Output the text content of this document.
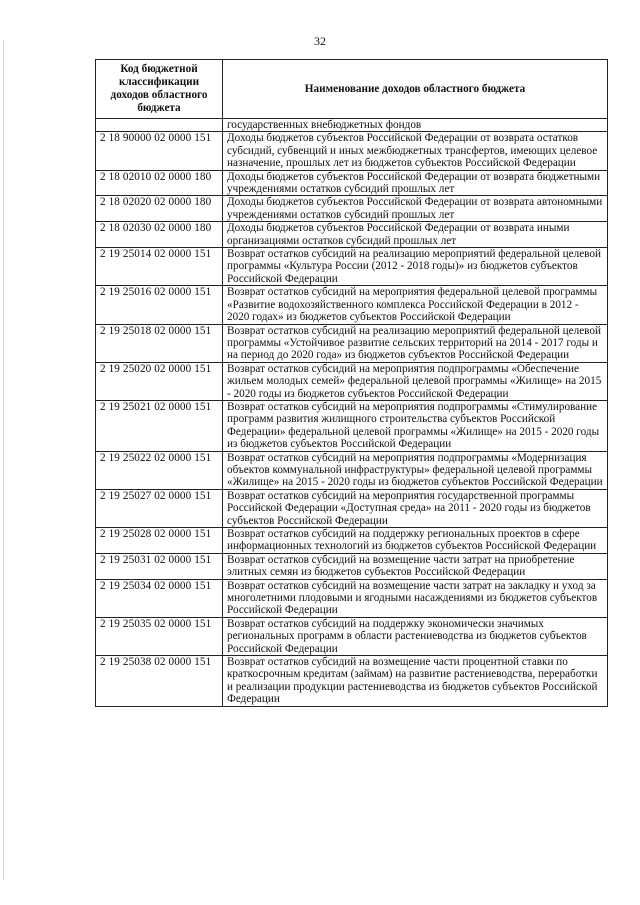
32
Код бюджетной классификации доходов областного бюджета	Наименование доходов областного бюджета
	государственных внебюджетных фондов
2 18 90000 02 0000 151	Доходы бюджетов субъектов Российской Федерации от возврата остатков субсидий, субвенций и иных межбюджетных трансфертов, имеющих целевое назначение, прошлых лет из бюджетов субъектов Российской Федерации
2 18 02010 02 0000 180	Доходы бюджетов субъектов Российской Федерации от возврата бюджетными учреждениями остатков субсидий прошлых лет
2 18 02020 02 0000 180	Доходы бюджетов субъектов Российской Федерации от возврата автономными учреждениями остатков субсидий прошлых лет
2 18 02030 02 0000 180	Доходы бюджетов субъектов Российской Федерации от возврата иными организациями остатков субсидий прошлых лет
2 19 25014 02 0000 151	Возврат остатков субсидий на реализацию мероприятий федеральной целевой программы «Культура России (2012 - 2018 годы)» из бюджетов субъектов Российской Федерации
2 19 25016 02 0000 151	Возврат остатков субсидий на мероприятия федеральной целевой программы «Развитие водохозяйственного комплекса Российской Федерации в 2012 - 2020 годах» из бюджетов субъектов Российской Федерации
2 19 25018 02 0000 151	Возврат остатков субсидий на реализацию мероприятий федеральной целевой программы «Устойчивое развитие сельских территорий на 2014 - 2017 годы и на период до 2020 года» из бюджетов субъектов Российской Федерации
2 19 25020 02 0000 151	Возврат остатков субсидий на мероприятия подпрограммы «Обеспечение жильем молодых семей» федеральной целевой программы «Жилище» на 2015 - 2020 годы из бюджетов субъектов Российской Федерации
2 19 25021 02 0000 151	Возврат остатков субсидий на мероприятия подпрограммы «Стимулирование программ развития жилищного строительства субъектов Российской Федерации» федеральной целевой программы «Жилище» на 2015 - 2020 годы из бюджетов субъектов Российской Федерации
2 19 25022 02 0000 151	Возврат остатков субсидий на мероприятия подпрограммы «Модернизация объектов коммунальной инфраструктуры» федеральной целевой программы «Жилище» на 2015 - 2020 годы из бюджетов субъектов Российской Федерации
2 19 25027 02 0000 151	Возврат остатков субсидий на мероприятия государственной программы Российской Федерации «Доступная среда» на 2011 - 2020 годы из бюджетов субъектов Российской Федерации
2 19 25028 02 0000 151	Возврат остатков субсидий на поддержку региональных проектов в сфере информационных технологий из бюджетов субъектов Российской Федерации
2 19 25031 02 0000 151	Возврат остатков субсидий на возмещение части затрат на приобретение элитных семян из бюджетов субъектов Российской Федерации
2 19 25034 02 0000 151	Возврат остатков субсидий на возмещение части затрат на закладку и уход за многолетними плодовыми и ягодными насаждениями из бюджетов субъектов Российской Федерации
2 19 25035 02 0000 151	Возврат остатков субсидий на поддержку экономически значимых региональных программ в области растениеводства из бюджетов субъектов Российской Федерации
2 19 25038 02 0000 151	Возврат остатков субсидий на возмещение части процентной ставки по краткосрочным кредитам (займам) на развитие растениеводства, переработки и реализации продукции растениеводства из бюджетов субъектов Российской Федерации
